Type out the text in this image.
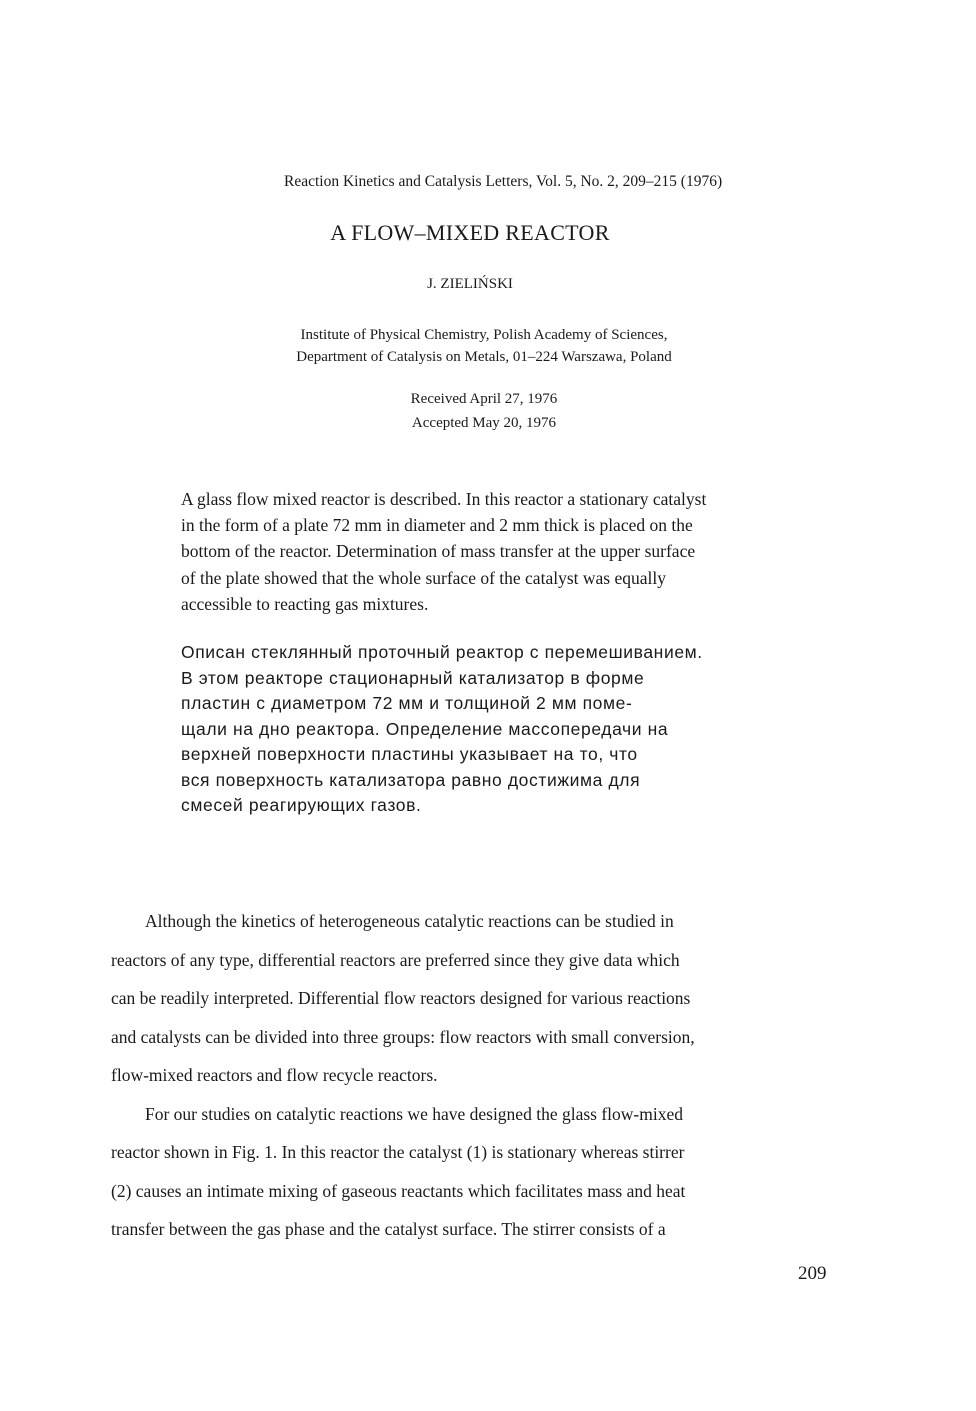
Reaction Kinetics and Catalysis Letters, Vol. 5, No. 2, 209–215 (1976)
A FLOW–MIXED REACTOR
J. ZIELIŃSKI
Institute of Physical Chemistry, Polish Academy of Sciences,
Department of Catalysis on Metals, 01–224 Warszawa, Poland
Received April 27, 1976
Accepted May 20, 1976
A glass flow mixed reactor is described. In this reactor a stationary catalyst
in the form of a plate 72 mm in diameter and 2 mm thick is placed on the
bottom of the reactor. Determination of mass transfer at the upper surface
of the plate showed that the whole surface of the catalyst was equally
accessible to reacting gas mixtures.
Описан стеклянный проточный реактор с перемешиванием.
В этом реакторе стационарный катализатор в форме
пластин с диаметром 72 мм и толщиной 2 мм поме-
щали на дно реактора. Определение массопередачи на
верхней поверхности пластины указывает на то, что
вся поверхность катализатора равно достижима для
смесей реагирующих газов.
Although the kinetics of heterogeneous catalytic reactions can be studied in
reactors of any type, differential reactors are preferred since they give data which
can be readily interpreted. Differential flow reactors designed for various reactions
and catalysts can be divided into three groups: flow reactors with small conversion,
flow-mixed reactors and flow recycle reactors.
For our studies on catalytic reactions we have designed the glass flow-mixed
reactor shown in Fig. 1. In this reactor the catalyst (1) is stationary whereas stirrer
(2) causes an intimate mixing of gaseous reactants which facilitates mass and heat
transfer between the gas phase and the catalyst surface. The stirrer consists of a
209
